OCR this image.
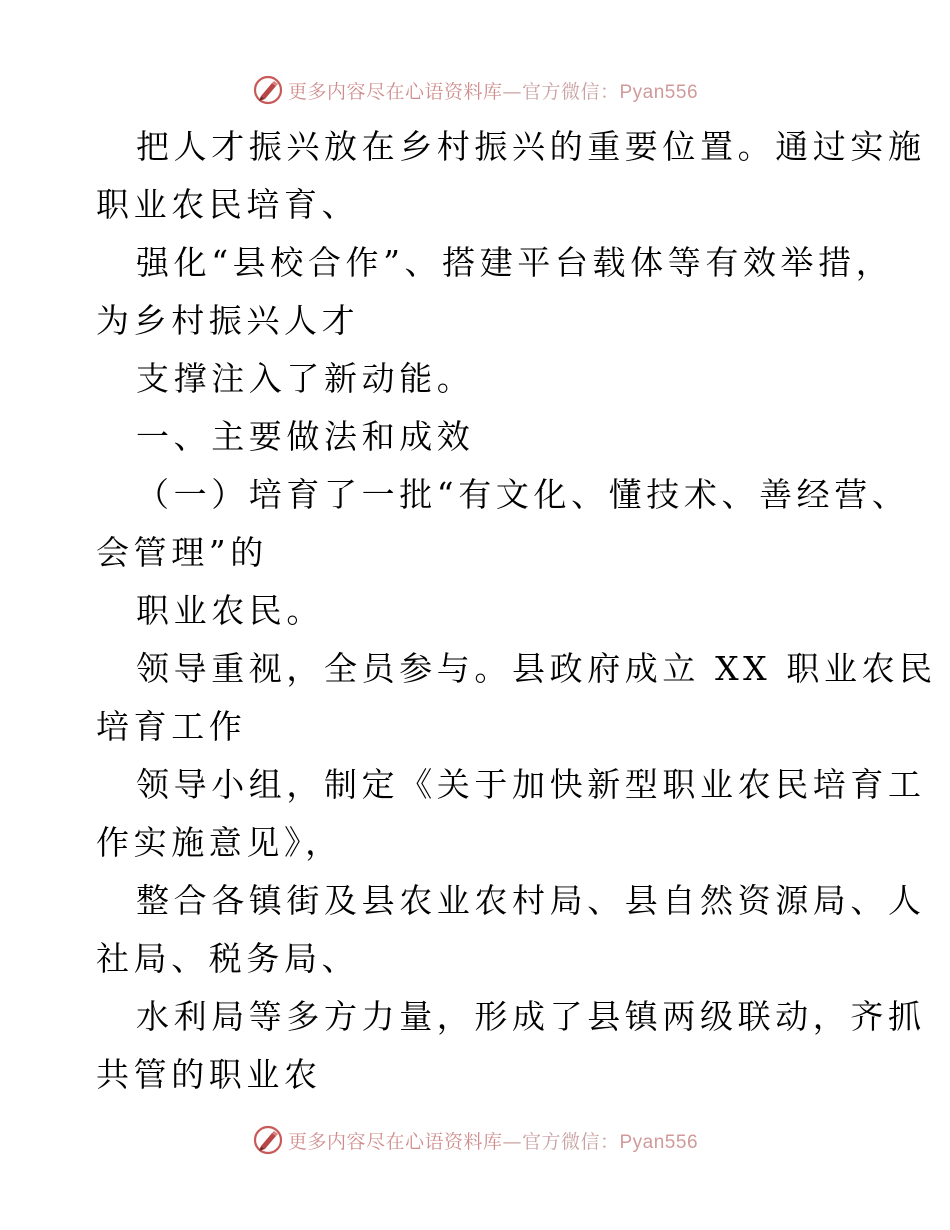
更多内容尽在心语资料库—官方微信：Pyan556
把人才振兴放在乡村振兴的重要位置。通过实施
职业农民培育、
强化“县校合作”、搭建平台载体等有效举措，
为乡村振兴人才
支撑注入了新动能。
一、主要做法和成效
（一）培育了一批“有文化、懂技术、善经营、
会管理”的
职业农民。
领导重视，全员参与。县政府成立 XX 职业农民
培育工作
领导小组，制定《关于加快新型职业农民培育工
作实施意见》，
整合各镇街及县农业农村局、县自然资源局、人
社局、税务局、
水利局等多方力量，形成了县镇两级联动，齐抓
共管的职业农
更多内容尽在心语资料库—官方微信：Pyan556
